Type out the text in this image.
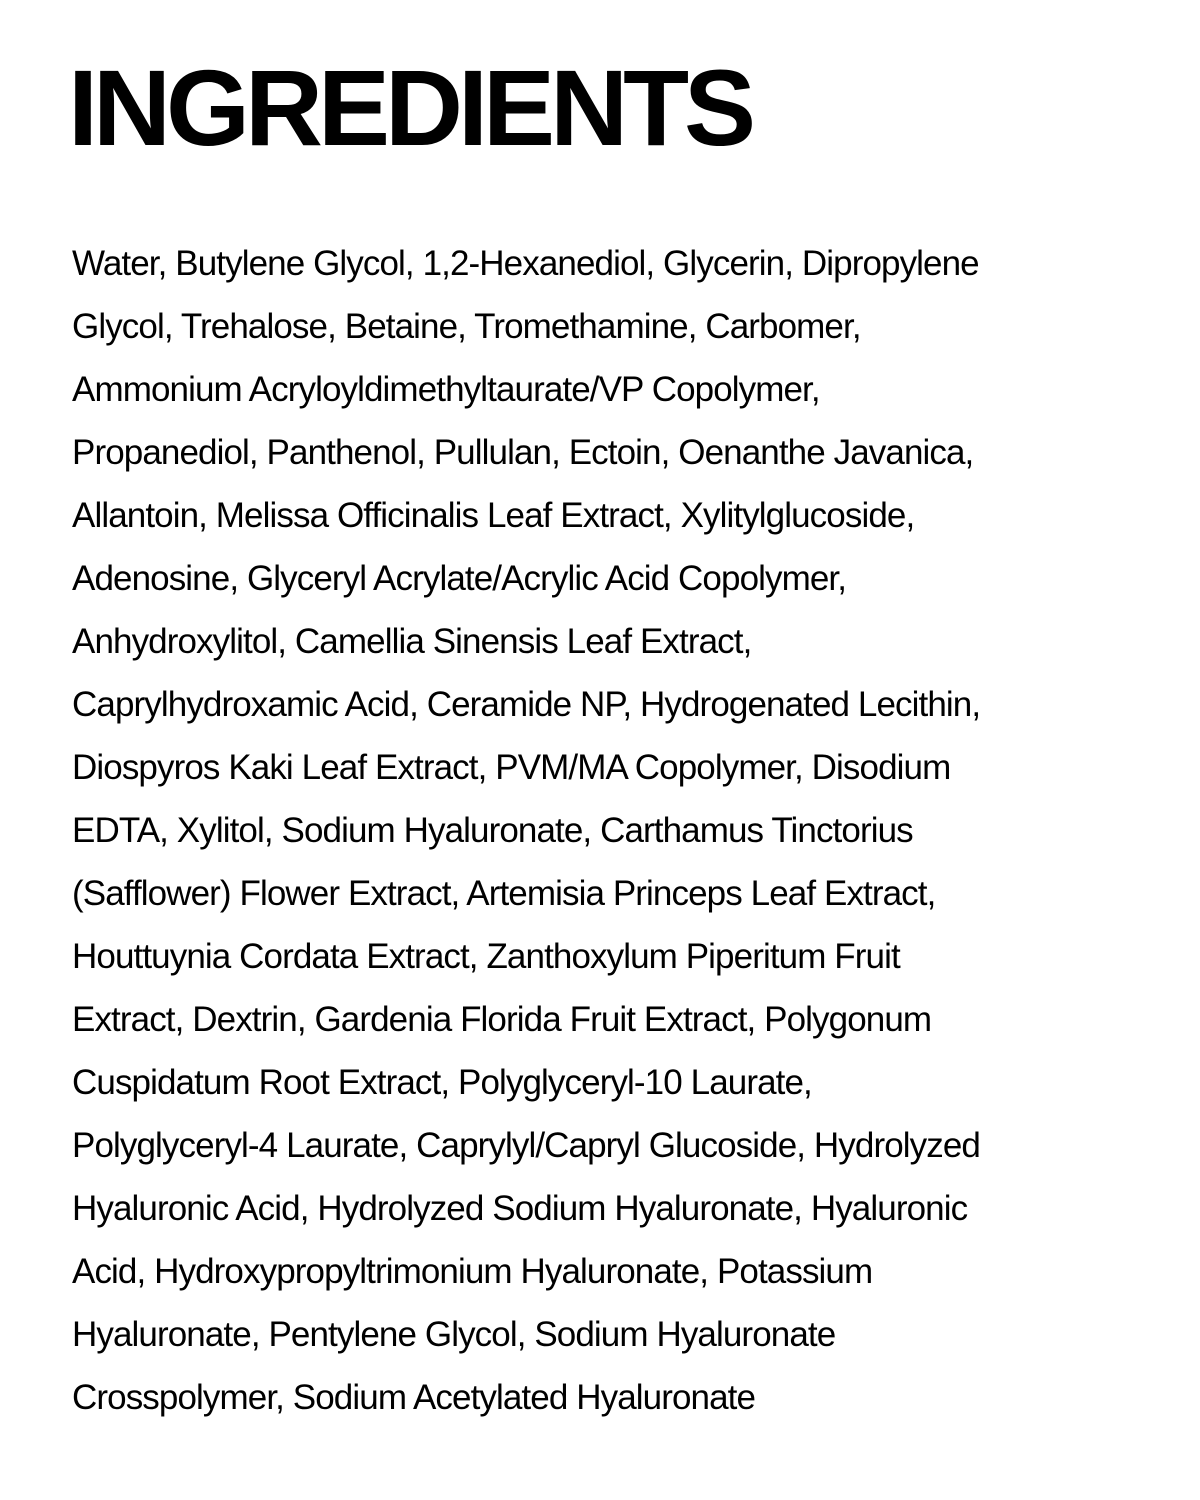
INGREDIENTS
Water, Butylene Glycol, 1,2-Hexanediol, Glycerin, Dipropylene
Glycol, Trehalose, Betaine, Tromethamine, Carbomer,
Ammonium Acryloyldimethyltaurate/VP Copolymer,
Propanediol, Panthenol, Pullulan, Ectoin, Oenanthe Javanica,
Allantoin, Melissa Officinalis Leaf Extract, Xylitylglucoside,
Adenosine, Glyceryl Acrylate/Acrylic Acid Copolymer,
Anhydroxylitol, Camellia Sinensis Leaf Extract,
Caprylhydroxamic Acid, Ceramide NP, Hydrogenated Lecithin,
Diospyros Kaki Leaf Extract, PVM/MA Copolymer, Disodium
EDTA, Xylitol, Sodium Hyaluronate, Carthamus Tinctorius
(Safflower) Flower Extract, Artemisia Princeps Leaf Extract,
Houttuynia Cordata Extract, Zanthoxylum Piperitum Fruit
Extract, Dextrin, Gardenia Florida Fruit Extract, Polygonum
Cuspidatum Root Extract, Polyglyceryl-10 Laurate,
Polyglyceryl-4 Laurate, Caprylyl/Capryl Glucoside, Hydrolyzed
Hyaluronic Acid, Hydrolyzed Sodium Hyaluronate, Hyaluronic
Acid, Hydroxypropyltrimonium Hyaluronate, Potassium
Hyaluronate, Pentylene Glycol, Sodium Hyaluronate
Crosspolymer, Sodium Acetylated Hyaluronate
